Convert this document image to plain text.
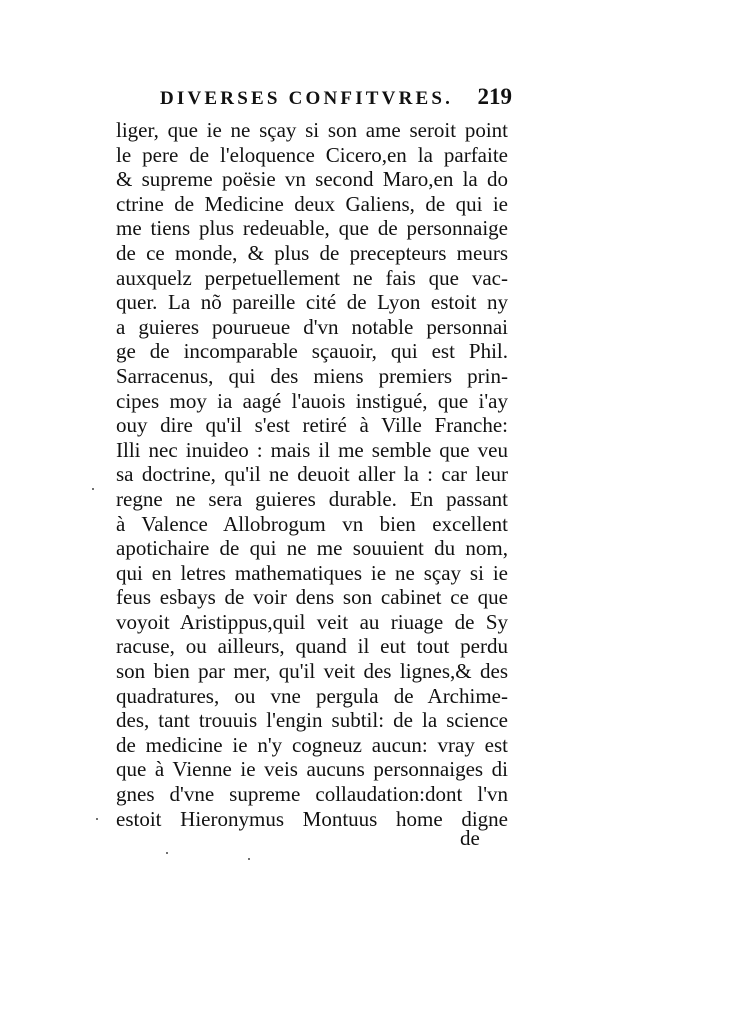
DIVERSES CONFITVRES. 219
liger, que ie ne sçay si son ame seroit point
le pere de l'eloquence Cicero,en la parfaite
& supreme poësie vn second Maro,en la do
ctrine de Medicine deux Galiens, de qui ie
me tiens plus redeuable, que de personnaige
de ce monde, & plus de precepteurs meurs
auxquelz perpetuellement ne fais que vac-
quer. La nõ pareille cité de Lyon estoit ny
a guieres pourueue d'vn notable personnai
ge de incomparable sçauoir, qui est Phil.
Sarracenus, qui des miens premiers prin-
cipes moy ia aagé l'auois instigué, que i'ay
ouy dire qu'il s'est retiré à Ville Franche:
Illi nec inuideo : mais il me semble que veu
sa doctrine, qu'il ne deuoit aller la : car leur
regne ne sera guieres durable. En passant
à Valence Allobrogum vn bien excellent
apotichaire de qui ne me souuient du nom,
qui en letres mathematiques ie ne sçay si ie
feus esbays de voir dens son cabinet ce que
voyoit Aristippus,quil veit au riuage de Sy
racuse, ou ailleurs, quand il eut tout perdu
son bien par mer, qu'il veit des lignes,& des
quadratures, ou vne pergula de Archime-
des, tant trouuis l'engin subtil: de la science
de medicine ie n'y cogneuz aucun: vray est
que à Vienne ie veis aucuns personnaiges di
gnes d'vne supreme collaudation:dont l'vn
estoit Hieronymus Montuus home digne
de
